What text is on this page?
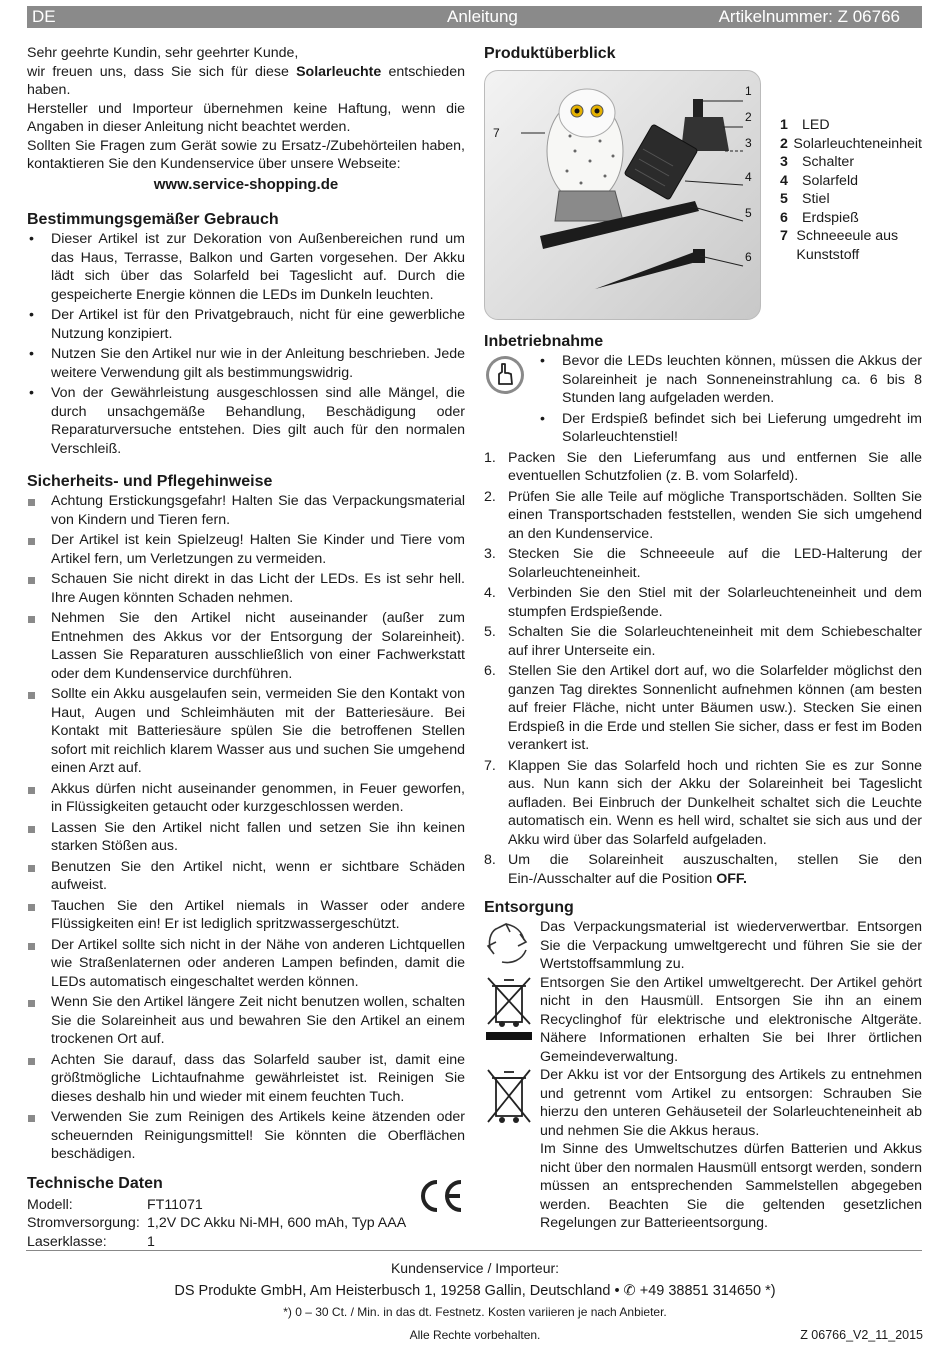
DE	Anleitung	Artikelnummer: Z 06766

Sehr geehrte Kundin, sehr geehrter Kunde,

wir freuen uns, dass Sie sich für diese Solarleuchte entschieden haben.

Hersteller und Importeur übernehmen keine Haftung, wenn die Angaben in dieser Anleitung nicht beachtet werden.

Sollten Sie Fragen zum Gerät sowie zu Ersatz-/Zubehörteilen haben, kontaktieren Sie den Kundenservice über unsere Webseite:

www.service-shopping.de

Bestimmungsgemäßer Gebrauch
• Dieser Artikel ist zur Dekoration von Außenbereichen rund um das Haus, Terrasse, Balkon und Garten vorgesehen. Der Akku lädt sich über das Solarfeld bei Tageslicht auf. Durch die gespeicherte Energie können die LEDs im Dunkeln leuchten.
• Der Artikel ist für den Privatgebrauch, nicht für eine gewerbliche Nutzung konzipiert.
• Nutzen Sie den Artikel nur wie in der Anleitung beschrieben. Jede weitere Verwendung gilt als bestimmungswidrig.
• Von der Gewährleistung ausgeschlossen sind alle Mängel, die durch unsachgemäße Behandlung, Beschädigung oder Reparaturversuche entstehen. Dies gilt auch für den normalen Verschleiß.
Sicherheits- und Pflegehinweise
Achtung Erstickungsgefahr! Halten Sie das Verpackungsmaterial von Kindern und Tieren fern.
Der Artikel ist kein Spielzeug! Halten Sie Kinder und Tiere vom Artikel fern, um Verletzungen zu vermeiden.
Schauen Sie nicht direkt in das Licht der LEDs. Es ist sehr hell. Ihre Augen könnten Schaden nehmen.
Nehmen Sie den Artikel nicht auseinander (außer zum Entnehmen des Akkus vor der Entsorgung der Solareinheit). Lassen Sie Reparaturen ausschließlich von einer Fachwerkstatt oder dem Kundenservice durchführen.
Sollte ein Akku ausgelaufen sein, vermeiden Sie den Kontakt von Haut, Augen und Schleimhäuten mit der Batteriesäure. Bei Kontakt mit Batteriesäure spülen Sie die betroffenen Stellen sofort mit reichlich klarem Wasser aus und suchen Sie umgehend einen Arzt auf.
Akkus dürfen nicht auseinander genommen, in Feuer geworfen, in Flüssigkeiten getaucht oder kurzgeschlossen werden.
Lassen Sie den Artikel nicht fallen und setzen Sie ihn keinen starken Stößen aus.
Benutzen Sie den Artikel nicht, wenn er sichtbare Schäden aufweist.
Tauchen Sie den Artikel niemals in Wasser oder andere Flüssigkeiten ein! Er ist lediglich spritzwassergeschützt.
Der Artikel sollte sich nicht in der Nähe von anderen Lichtquellen wie Straßenlaternen oder anderen Lampen befinden, damit die LEDs automatisch eingeschaltet werden können.
Wenn Sie den Artikel längere Zeit nicht benutzen wollen, schalten Sie die Solareinheit aus und bewahren Sie den Artikel an einem trockenen Ort auf.
Achten Sie darauf, dass das Solarfeld sauber ist, damit eine größtmögliche Lichtaufnahme gewährleistet ist. Reinigen Sie dieses deshalb hin und wieder mit einem feuchten Tuch.
Verwenden Sie zum Reinigen des Artikels keine ätzenden oder scheuernden Reinigungsmittel! Sie könnten die Oberflächen beschädigen.
Technische Daten
Modell:	FT11071
Stromversorgung: 1,2V DC Akku Ni-MH, 600 mAh, Typ AAA
Laserklasse:	1
Produktüberblick
1
2
3
4
5
6
7	1 LED
2 Solarleuchteneinheit
3 Schalter
4 Solarfeld
5 Stiel
6 Erdspieß
7 Schneeeule aus Kunststoff
Inbetriebnahme
• Bevor die LEDs leuchten können, müssen die Akkus der Solareinheit je nach Sonneneinstrahlung ca. 6 bis 8 Stunden lang aufgeladen werden.
• Der Erdspieß befindet sich bei Lieferung umgedreht im Solarleuchtenstiel!
1. Packen Sie den Lieferumfang aus und entfernen Sie alle eventuellen Schutzfolien (z. B. vom Solarfeld).
2. Prüfen Sie alle Teile auf mögliche Transportschäden. Sollten Sie einen Transportschaden feststellen, wenden Sie sich umgehend an den Kundenservice.
3. Stecken Sie die Schneeeule auf die LED-Halterung der Solarleuchteneinheit.
4. Verbinden Sie den Stiel mit der Solarleuchteneinheit und dem stumpfen Erdspießende.
5. Schalten Sie die Solarleuchteneinheit mit dem Schiebeschalter auf ihrer Unterseite ein.
6. Stellen Sie den Artikel dort auf, wo die Solarfelder möglichst den ganzen Tag direktes Sonnenlicht aufnehmen können (am besten auf freier Fläche, nicht unter Bäumen usw.). Stecken Sie einen Erdspieß in die Erde und stellen Sie sicher, dass er fest im Boden verankert ist.
7. Klappen Sie das Solarfeld hoch und richten Sie es zur Sonne aus. Nun kann sich der Akku der Solareinheit bei Tageslicht aufladen. Bei Einbruch der Dunkelheit schaltet sich die Leuchte automatisch ein. Wenn es hell wird, schaltet sie sich aus und der Akku wird über das Solarfeld aufgeladen.
8. Um die Solareinheit auszuschalten, stellen Sie den Ein-/Ausschalter auf die Position OFF.
Entsorgung

Das Verpackungsmaterial ist wiederverwertbar. Entsorgen Sie die Verpackung umweltgerecht und führen Sie sie der Wertstoffsammlung zu.

Entsorgen Sie den Artikel umweltgerecht. Der Artikel gehört nicht in den Hausmüll. Entsorgen Sie ihn an einem Recyclinghof für elektrische und elektronische Altgeräte. Nähere Informationen erhalten Sie bei Ihrer örtlichen Gemeindeverwaltung.

Der Akku ist vor der Entsorgung des Artikels zu entnehmen und getrennt vom Artikel zu entsorgen: Schrauben Sie hierzu den unteren Gehäuseteil der Solarleuchteneinheit ab und nehmen Sie die Akkus heraus.

Im Sinne des Umweltschutzes dürfen Batterien und Akkus nicht über den normalen Hausmüll entsorgt werden, sondern müssen an entsprechenden Sammelstellen abgegeben werden. Beachten Sie die geltenden gesetzlichen Regelungen zur Batterieentsorgung.

Kundenservice / Importeur:
DS Produkte GmbH, Am Heisterbusch 1, 19258 Gallin, Deutschland • ✆ +49 38851 314650 *)
*) 0 – 30 Ct. / Min. in das dt. Festnetz. Kosten variieren je nach Anbieter.
Alle Rechte vorbehalten.	Z 06766_V2_11_2015
